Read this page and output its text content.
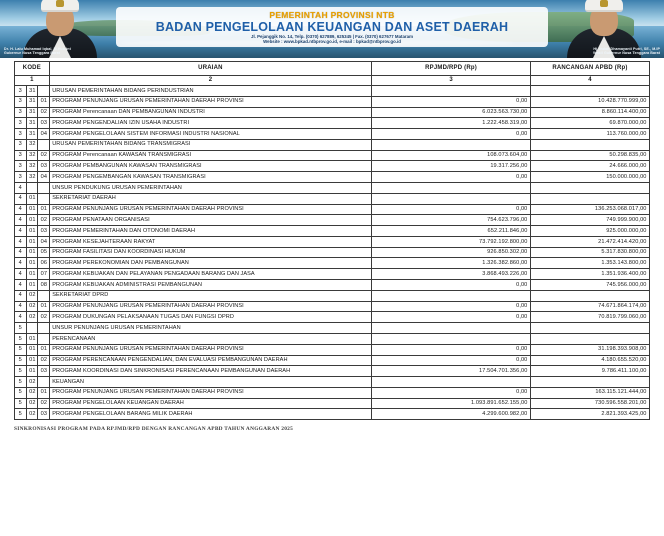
Dr. H. Lalu Muhamad Iqbal, M.Hub.Int
Gubernur Nusa Tenggara Barat
Hj. Indah Dhamayanti Putri, SE., M.IP
Wakil Gubernur Nusa Tenggara Barat
PEMERINTAH PROVINSI NTB
BADAN PENGELOLAAN KEUANGAN DAN ASET DAERAH
Jl. Pejanggik No. 14, Telp. (0370) 627889, 625345 | Fax. (0370) 627677 Mataram
Website : www.bpkad.ntbprov.go.id, e-mail : bpkad@ntbprov.go.id
KODE			URAIAN	RPJMD/RPD (Rp)	RANCANGAN APBD (Rp)
1			2	3	4
3	31		URUSAN PEMERINTAHAN BIDANG PERINDUSTRIAN		
3	31	01	PROGRAM PENUNJANG URUSAN PEMERINTAHAN DAERAH PROVINSI	0,00	10.428.770.999,00
3	31	02	PROGRAM Perencanaan DAN PEMBANGUNAN INDUSTRI	6.023.563.730,00	8.860.114.400,00
3	31	03	PROGRAM PENGENDALIAN IZIN USAHA INDUSTRI	1.222.458.319,00	69.870.000,00
3	31	04	PROGRAM PENGELOLAAN SISTEM INFORMASI INDUSTRI NASIONAL	0,00	113.760.000,00
3	32		URUSAN PEMERINTAHAN BIDANG TRANSMIGRASI		
3	32	02	PROGRAM Perencanaan KAWASAN TRANSMIGRASI	108.073.604,00	50.298.835,00
3	32	03	PROGRAM PEMBANGUNAN KAWASAN TRANSMIGRASI	19.317.256,00	24.666.000,00
3	32	04	PROGRAM PENGEMBANGAN KAWASAN TRANSMIGRASI	0,00	150.000.000,00
4			UNSUR PENDUKUNG URUSAN PEMERINTAHAN		
4	01		SEKRETARIAT DAERAH		
4	01	01	PROGRAM PENUNJANG URUSAN PEMERINTAHAN DAERAH PROVINSI	0,00	136.253.068.017,00
4	01	02	PROGRAM PENATAAN ORGANISASI	754.623.796,00	749.999.900,00
4	01	03	PROGRAM PEMERINTAHAN DAN OTONOMI DAERAH	652.211.846,00	925.000.000,00
4	01	04	PROGRAM KESEJAHTERAAN RAKYAT	73.792.192.800,00	21.472.414.420,00
4	01	05	PROGRAM FASILITASI DAN KOORDINASI HUKUM	926.850.302,00	5.317.830.800,00
4	01	06	PROGRAM PEREKONOMIAN DAN PEMBANGUNAN	1.326.382.860,00	1.353.143.800,00
4	01	07	PROGRAM KEBIJAKAN DAN PELAYANAN PENGADAAN BARANG DAN JASA	3.868.493.226,00	1.351.936.400,00
4	01	08	PROGRAM KEBIJAKAN ADMINISTRASI PEMBANGUNAN	0,00	745.956.000,00
4	02		SEKRETARIAT DPRD		
4	02	01	PROGRAM PENUNJANG URUSAN PEMERINTAHAN DAERAH PROVINSI	0,00	74.671.864.174,00
4	02	02	PROGRAM DUKUNGAN PELAKSANAAN TUGAS DAN FUNGSI DPRD	0,00	70.819.799.060,00
5			UNSUR PENUNJANG URUSAN PEMERINTAHAN		
5	01		PERENCANAAN		
5	01	01	PROGRAM PENUNJANG URUSAN PEMERINTAHAN DAERAH PROVINSI	0,00	31.198.393.908,00
5	01	02	PROGRAM PERENCANAAN PENGENDALIAN, DAN EVALUASI PEMBANGUNAN DAERAH	0,00	4.180.655.520,00
5	01	03	PROGRAM KOORDINASI DAN SINKRONISASI PERENCANAAN PEMBANGUNAN DAERAH	17.504.701.356,00	9.786.411.100,00
5	02		KEUANGAN		
5	02	01	PROGRAM PENUNJANG URUSAN PEMERINTAHAN DAERAH PROVINSI	0,00	163.115.121.444,00
5	02	02	PROGRAM PENGELOLAAN KEUANGAN DAERAH	1.093.891.652.155,00	730.596.558.201,00
5	02	03	PROGRAM PENGELOLAAN BARANG MILIK DAERAH	4.299.600.982,00	2.821.393.425,00
SINKRONISASI PROGRAM PADA RPJMD/RPD DENGAN RANCANGAN APBD TAHUN ANGGARAN 2025
